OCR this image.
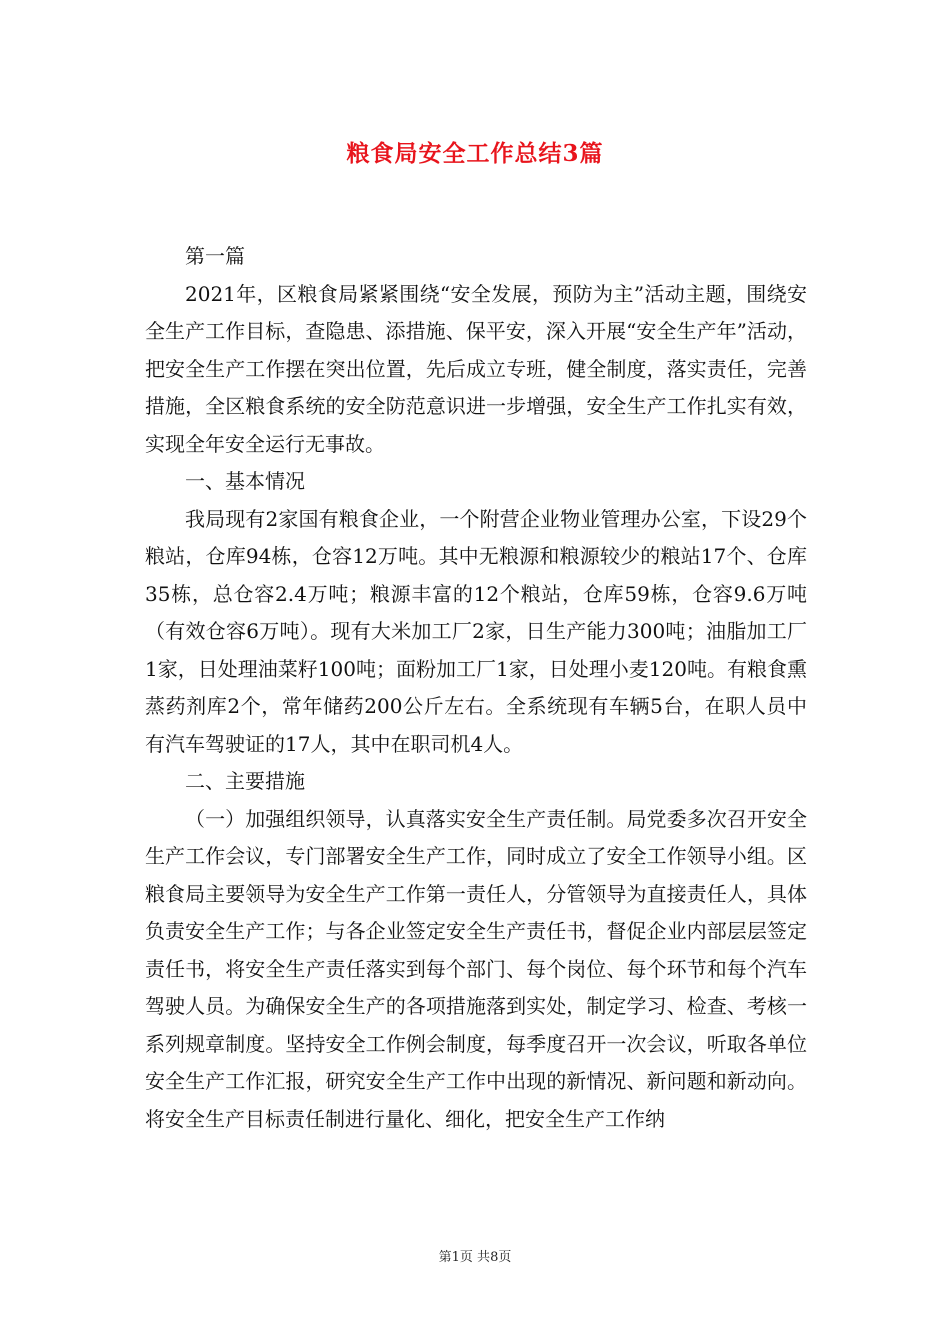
粮食局安全工作总结3篇

第一篇

2021年，区粮食局紧紧围绕“安全发展，预防为主”活动主题，围绕安全生产工作目标，查隐患、添措施、保平安，深入开展“安全生产年”活动，把安全生产工作摆在突出位置，先后成立专班，健全制度，落实责任，完善措施，全区粮食系统的安全防范意识进一步增强，安全生产工作扎实有效，实现全年安全运行无事故。

一、基本情况

我局现有2家国有粮食企业，一个附营企业物业管理办公室，下设29个粮站，仓库94栋，仓容12万吨。其中无粮源和粮源较少的粮站17个、仓库35栋，总仓容2.4万吨；粮源丰富的12个粮站，仓库59栋，仓容9.6万吨（有效仓容6万吨）。现有大米加工厂2家，日生产能力300吨；油脂加工厂1家，日处理油菜籽100吨；面粉加工厂1家，日处理小麦120吨。有粮食熏蒸药剂库2个，常年储药200公斤左右。全系统现有车辆5台，在职人员中有汽车驾驶证的17人，其中在职司机4人。

二、主要措施

（一）加强组织领导，认真落实安全生产责任制。局党委多次召开安全生产工作会议，专门部署安全生产工作，同时成立了安全工作领导小组。区粮食局主要领导为安全生产工作第一责任人，分管领导为直接责任人，具体负责安全生产工作；与各企业签定安全生产责任书，督促企业内部层层签定责任书，将安全生产责任落实到每个部门、每个岗位、每个环节和每个汽车驾驶人员。为确保安全生产的各项措施落到实处，制定学习、检查、考核一系列规章制度。坚持安全工作例会制度，每季度召开一次会议，听取各单位安全生产工作汇报，研究安全生产工作中出现的新情况、新问题和新动向。将安全生产目标责任制进行量化、细化，把安全生产工作纳

第1页 共8页
